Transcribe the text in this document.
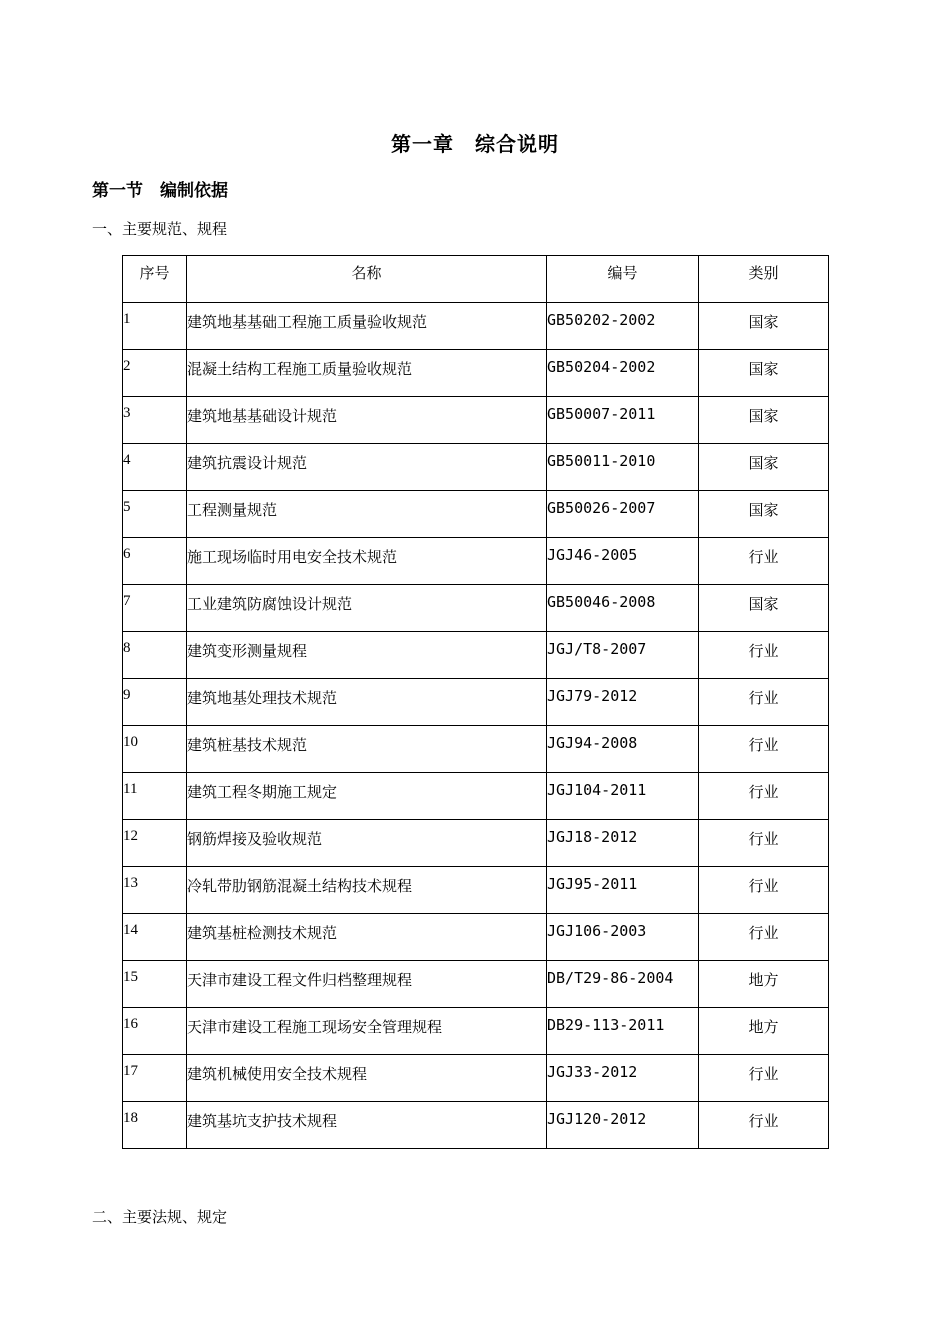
第一章　综合说明
第一节　编制依据
一、主要规范、规程
序号	名称	编号	类别
1	建筑地基基础工程施工质量验收规范	GB50202-2002	国家
2	混凝土结构工程施工质量验收规范	GB50204-2002	国家
3	建筑地基基础设计规范	GB50007-2011	国家
4	建筑抗震设计规范	GB50011-2010	国家
5	工程测量规范	GB50026-2007	国家
6	施工现场临时用电安全技术规范	JGJ46-2005	行业
7	工业建筑防腐蚀设计规范	GB50046-2008	国家
8	建筑变形测量规程	JGJ/T8-2007	行业
9	建筑地基处理技术规范	JGJ79-2012	行业
10	建筑桩基技术规范	JGJ94-2008	行业
11	建筑工程冬期施工规定	JGJ104-2011	行业
12	钢筋焊接及验收规范	JGJ18-2012	行业
13	冷轧带肋钢筋混凝土结构技术规程	JGJ95-2011	行业
14	建筑基桩检测技术规范	JGJ106-2003	行业
15	天津市建设工程文件归档整理规程	DB/T29-86-2004	地方
16	天津市建设工程施工现场安全管理规程	DB29-113-2011	地方
17	建筑机械使用安全技术规程	JGJ33-2012	行业
18	建筑基坑支护技术规程	JGJ120-2012	行业
二、主要法规、规定
